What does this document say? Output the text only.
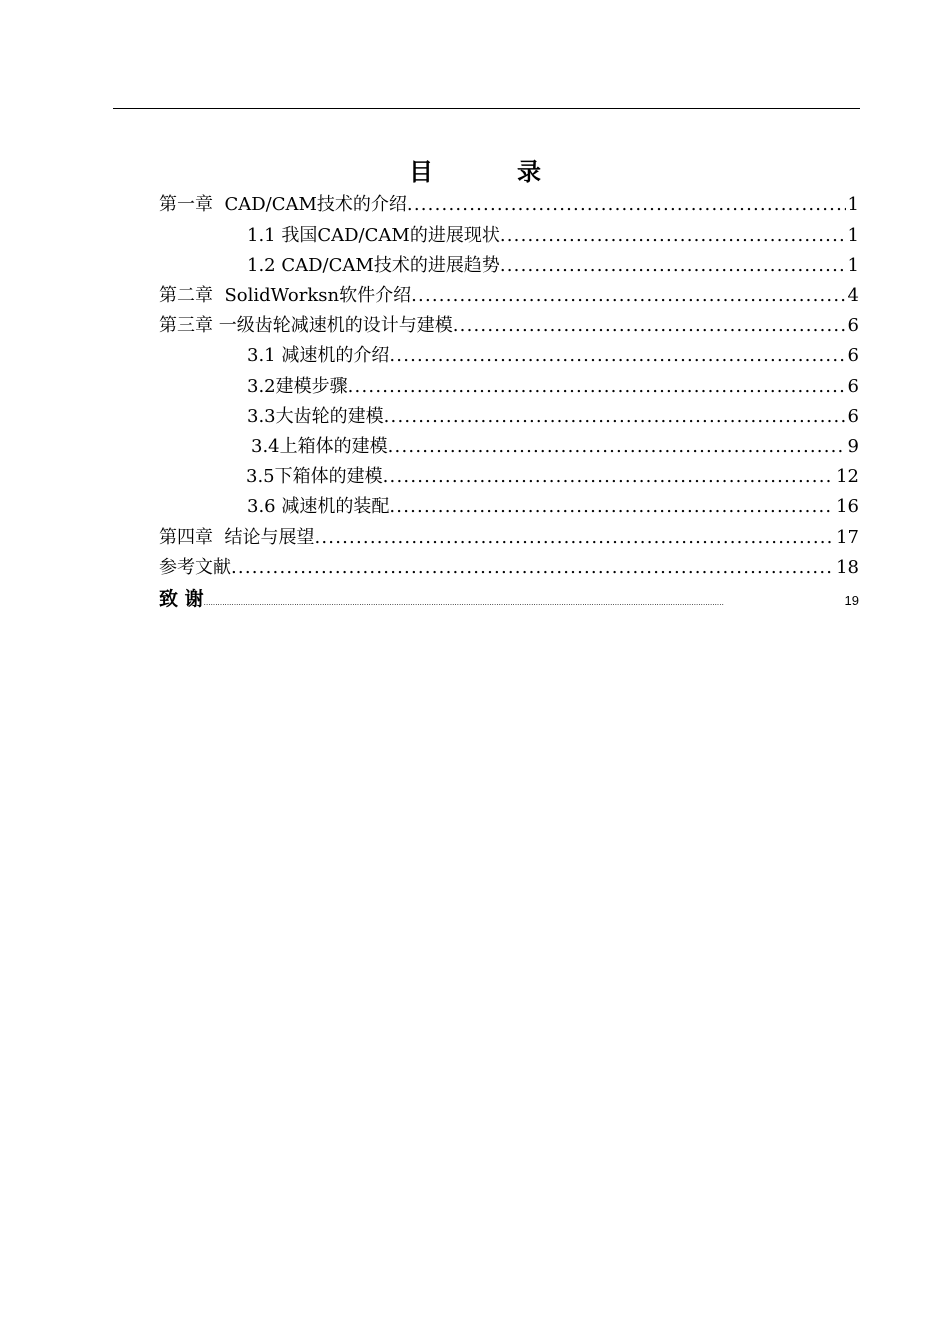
目	录
第一章  CAD/CAM技术的介绍 .....	1
1.1 我国CAD/CAM的进展现状 .....	1
1.2 CAD/CAM技术的进展趋势 .....	1
第二章  SolidWorksn软件介绍 .....	4
第三章 一级齿轮减速机的设计与建模 .....	6
3.1 减速机的介绍 .....	6
3.2建模步骤 .....	6
3.3大齿轮的建模 .....	6
3.4上箱体的建模 .....	9
3.5下箱体的建模 .....	12
3.6 减速机的装配 .....	16
第四章  结论与展望 .....	17
参考文献 .....	18
致 谢 .....	19
